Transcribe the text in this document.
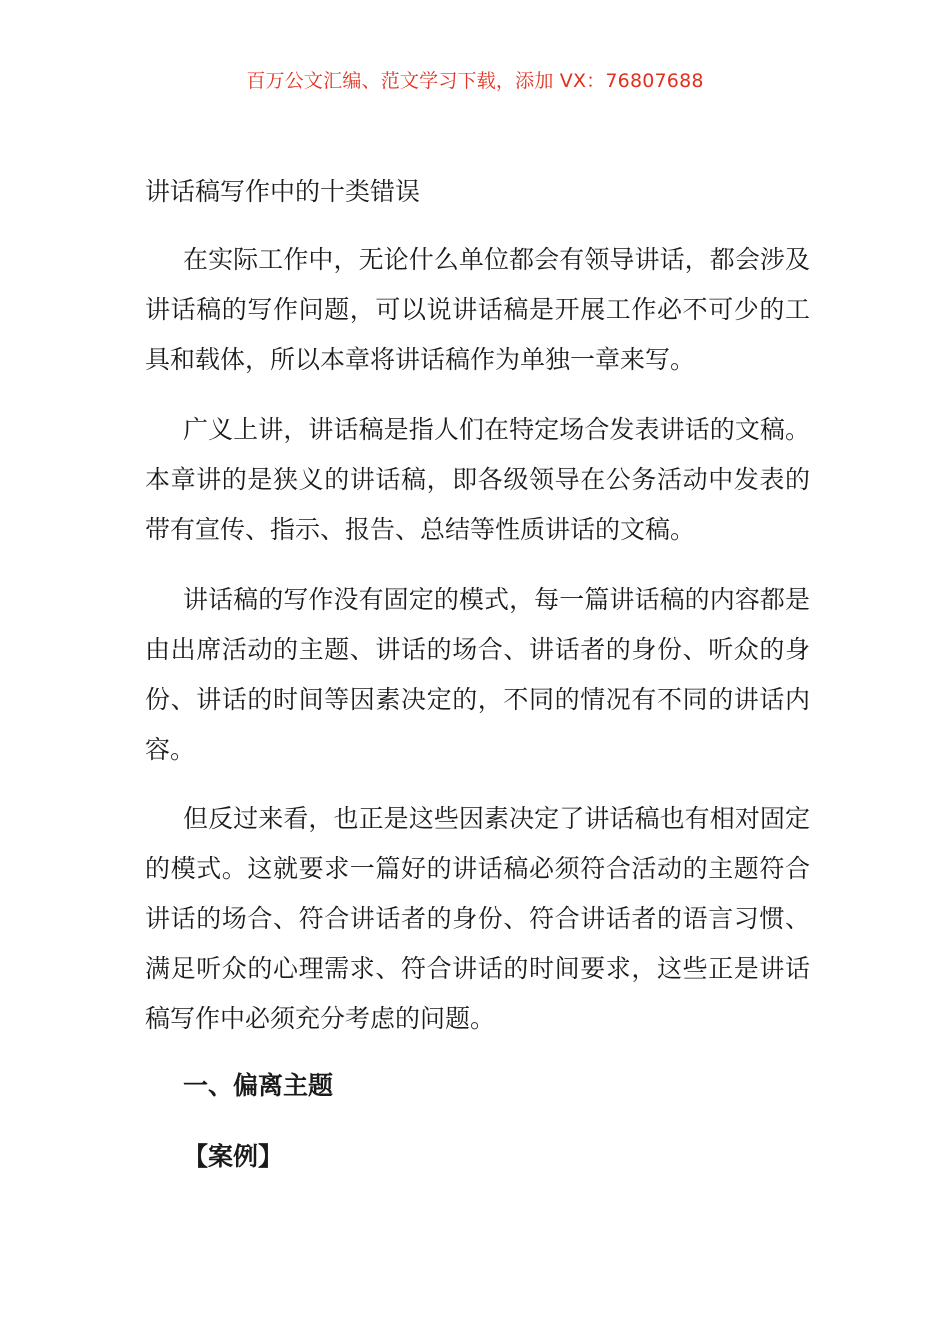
百万公文汇编、范文学习下载，添加 VX：76807688
讲话稿写作中的十类错误

在实际工作中，无论什么单位都会有领导讲话，都会涉及讲话稿的写作问题，可以说讲话稿是开展工作必不可少的工具和载体，所以本章将讲话稿作为单独一章来写。

广义上讲，讲话稿是指人们在特定场合发表讲话的文稿。本章讲的是狭义的讲话稿，即各级领导在公务活动中发表的带有宣传、指示、报告、总结等性质讲话的文稿。

讲话稿的写作没有固定的模式，每一篇讲话稿的内容都是由出席活动的主题、讲话的场合、讲话者的身份、听众的身份、讲话的时间等因素决定的，不同的情况有不同的讲话内容。

但反过来看，也正是这些因素决定了讲话稿也有相对固定的模式。这就要求一篇好的讲话稿必须符合活动的主题符合讲话的场合、符合讲话者的身份、符合讲话者的语言习惯、满足听众的心理需求、符合讲话的时间要求，这些正是讲话稿写作中必须充分考虑的问题。

一、偏离主题
【案例】
